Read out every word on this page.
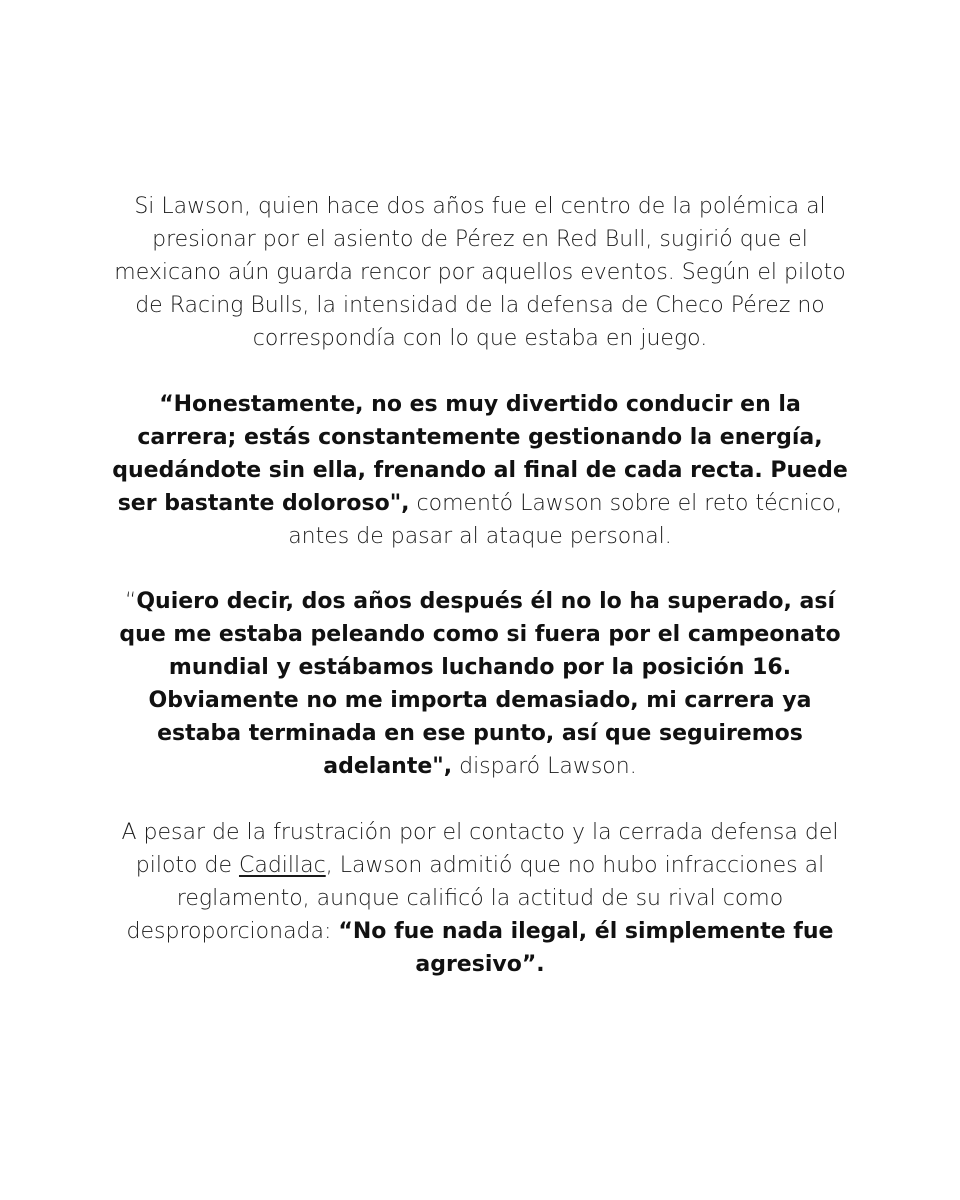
Si Lawson, quien hace dos años fue el centro de la polémica al presionar por el asiento de Pérez en Red Bull, sugirió que el mexicano aún guarda rencor por aquellos eventos. Según el piloto de Racing Bulls, la intensidad de la defensa de Checo Pérez no correspondía con lo que estaba en juego.

“Honestamente, no es muy divertido conducir en la carrera; estás constantemente gestionando la energía, quedándote sin ella, frenando al final de cada recta. Puede ser bastante doloroso", comentó Lawson sobre el reto técnico, antes de pasar al ataque personal.

“Quiero decir, dos años después él no lo ha superado, así que me estaba peleando como si fuera por el campeonato mundial y estábamos luchando por la posición 16. Obviamente no me importa demasiado, mi carrera ya estaba terminada en ese punto, así que seguiremos adelante", disparó Lawson.

A pesar de la frustración por el contacto y la cerrada defensa del piloto de Cadillac, Lawson admitió que no hubo infracciones al reglamento, aunque calificó la actitud de su rival como desproporcionada: “No fue nada ilegal, él simplemente fue agresivo”.
